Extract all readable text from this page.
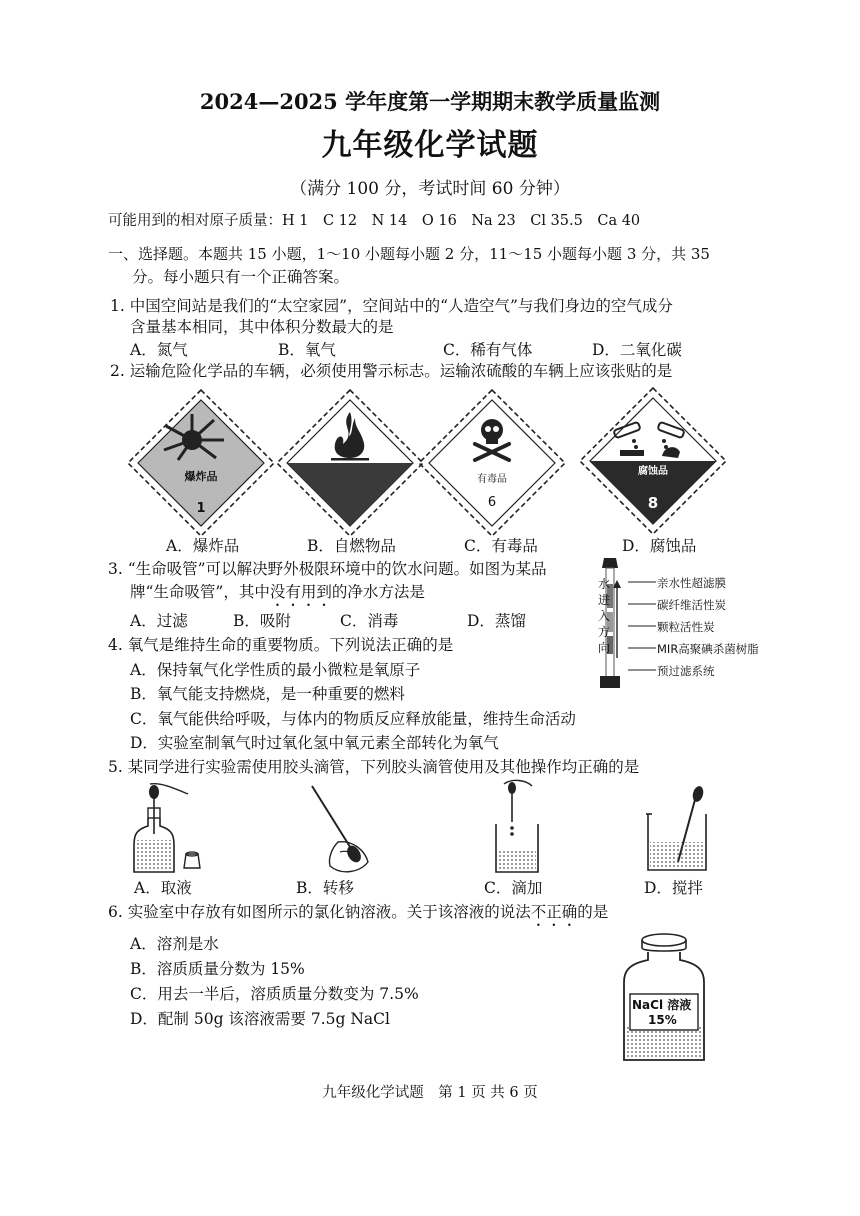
2024—2025 学年度第一学期期末教学质量监测
九年级化学试题
（满分 100 分，考试时间 60 分钟）
可能用到的相对原子质量：H 1　C 12　N 14　O 16　Na 23　Cl 35.5　Ca 40
一、选择题。本题共 15 小题，1～10 小题每小题 2 分，11～15 小题每小题 3 分，共 35
分。每小题只有一个正确答案。
1. 中国空间站是我们的“太空家园”，空间站中的“人造空气”与我们身边的空气成分
含量基本相同，其中体积分数最大的是
A．氮气	B．氧气	C．稀有气体	D．二氧化碳
2. 运输危险化学品的车辆，必须使用警示标志。运输浓硫酸的车辆上应该张贴的是
爆炸品
1
A．爆炸品	B．自燃物品
有毒品
6
C．有毒品
腐蚀品
8
D．腐蚀品
3. “生命吸管”可以解决野外极限环境中的饮水问题。如图为某品
牌“生命吸管”，其中没有用到的净水方法是
A．过滤	B．吸附	C．消毒	D．蒸馏
水
进
入
方
向
亲水性超滤膜
碳纤维活性炭
颗粒活性炭
MIR高聚碘杀菌树脂
预过滤系统
4. 氧气是维持生命的重要物质。下列说法正确的是
A．保持氧气化学性质的最小微粒是氧原子
B．氧气能支持燃烧，是一种重要的燃料
C．氧气能供给呼吸，与体内的物质反应释放能量，维持生命活动
D．实验室制氧气时过氧化氢中氧元素全部转化为氧气
5. 某同学进行实验需使用胶头滴管，下列胶头滴管使用及其他操作均正确的是
A．取液	B．转移	C．滴加	D．搅拌
6. 实验室中存放有如图所示的氯化钠溶液。关于该溶液的说法不正确的是
A．溶剂是水
B．溶质质量分数为 15%
C．用去一半后，溶质质量分数变为 7.5%
D．配制 50g 该溶液需要 7.5g NaCl
NaCl 溶液
15%
九年级化学试题　第 1 页 共 6 页
